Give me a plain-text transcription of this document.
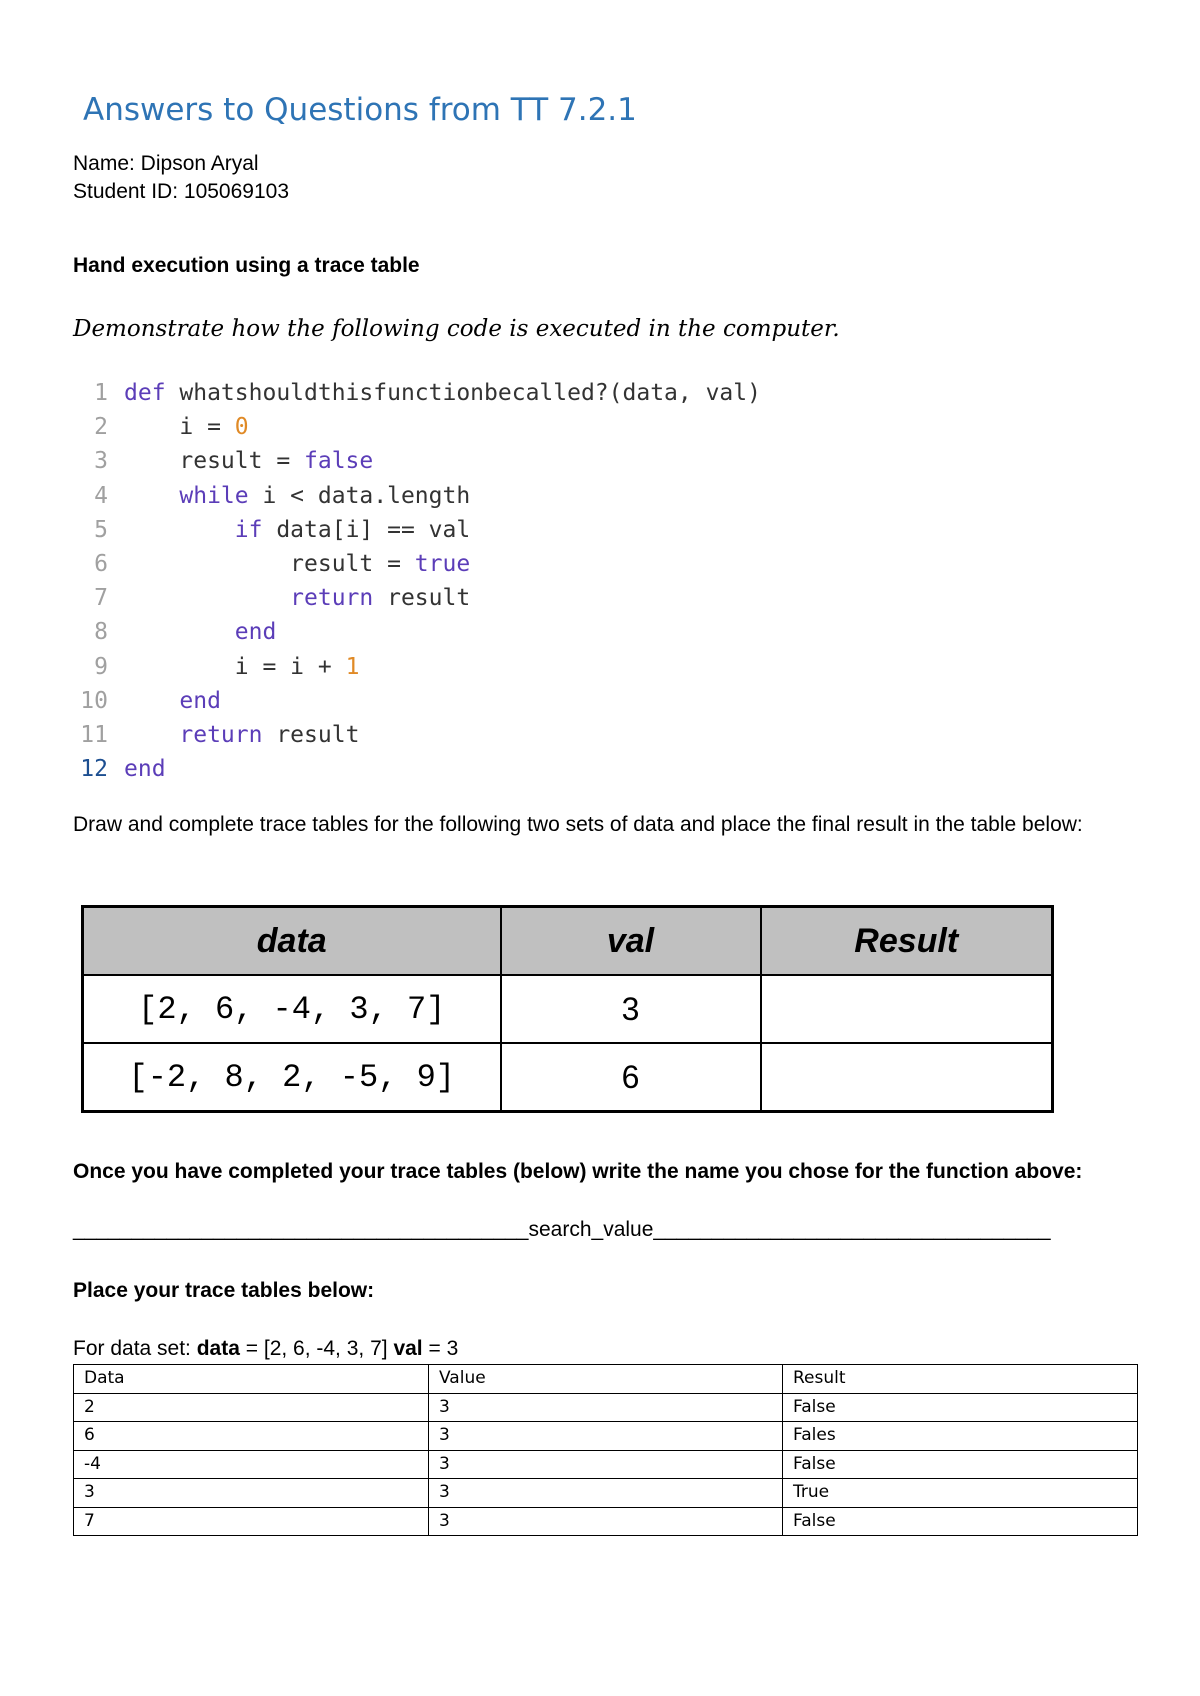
Answers to Questions from TT 7.2.1
Name: Dipson Aryal
Student ID: 105069103
Hand execution using a trace table
Demonstrate how the following code is executed in the computer.
1 def whatshouldthisfunctionbecalled?(data, val)
2	i = 0
3	result = false
4	while i < data.length
5	if data[i] == val
6	result = true
7	return result
8	end
9	i = i + 1
10	end
11	return result
12 end
Draw and complete trace tables for the following two sets of data and place the final result in the table below:
data	val	Result
[2, 6, -4, 3, 7]	3	
[-2, 8, 2, -5, 9]	6	
Once you have completed your trace tables (below) write the name you chose for the function above:
_______________________________________search_value__________________________________
Place your trace tables below:
For data set: data = [2, 6, -4, 3, 7] val = 3
Data	Value	Result
2	3	False
6	3	Fales
-4	3	False
3	3	True
7	3	False
